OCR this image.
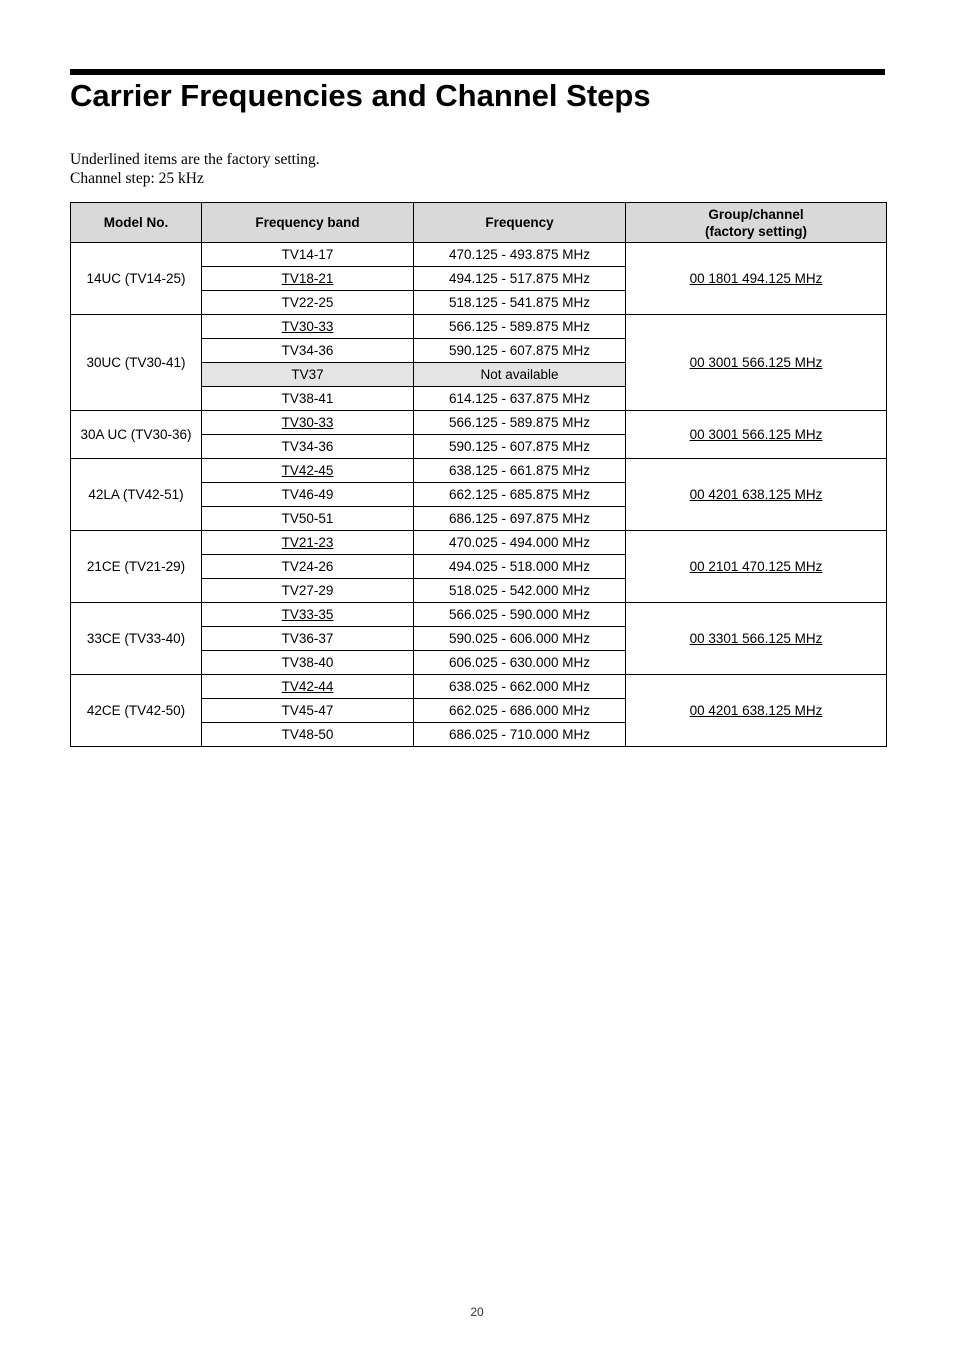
Carrier Frequencies and Channel Steps
Underlined items are the factory setting.
Channel step: 25 kHz
Model No.	Frequency band	Frequency	Group/channel
(factory setting)
14UC (TV14-25)	TV14-17	470.125 - 493.875 MHz	00 1801 494.125 MHz
	TV18-21	494.125 - 517.875 MHz	
	TV22-25	518.125 - 541.875 MHz	
30UC (TV30-41)	TV30-33	566.125 - 589.875 MHz	00 3001 566.125 MHz
	TV34-36	590.125 - 607.875 MHz	
	TV37	Not available	
	TV38-41	614.125 - 637.875 MHz	
30A UC (TV30-36)	TV30-33	566.125 - 589.875 MHz	00 3001 566.125 MHz
	TV34-36	590.125 - 607.875 MHz	
42LA (TV42-51)	TV42-45	638.125 - 661.875 MHz	00 4201 638.125 MHz
	TV46-49	662.125 - 685.875 MHz	
	TV50-51	686.125 - 697.875 MHz	
21CE (TV21-29)	TV21-23	470.025 - 494.000 MHz	00 2101 470.125 MHz
	TV24-26	494.025 - 518.000 MHz	
	TV27-29	518.025 - 542.000 MHz	
33CE (TV33-40)	TV33-35	566.025 - 590.000 MHz	00 3301 566.125 MHz
	TV36-37	590.025 - 606.000 MHz	
	TV38-40	606.025 - 630.000 MHz	
42CE (TV42-50)	TV42-44	638.025 - 662.000 MHz	00 4201 638.125 MHz
	TV45-47	662.025 - 686.000 MHz	
	TV48-50	686.025 - 710.000 MHz	
20
